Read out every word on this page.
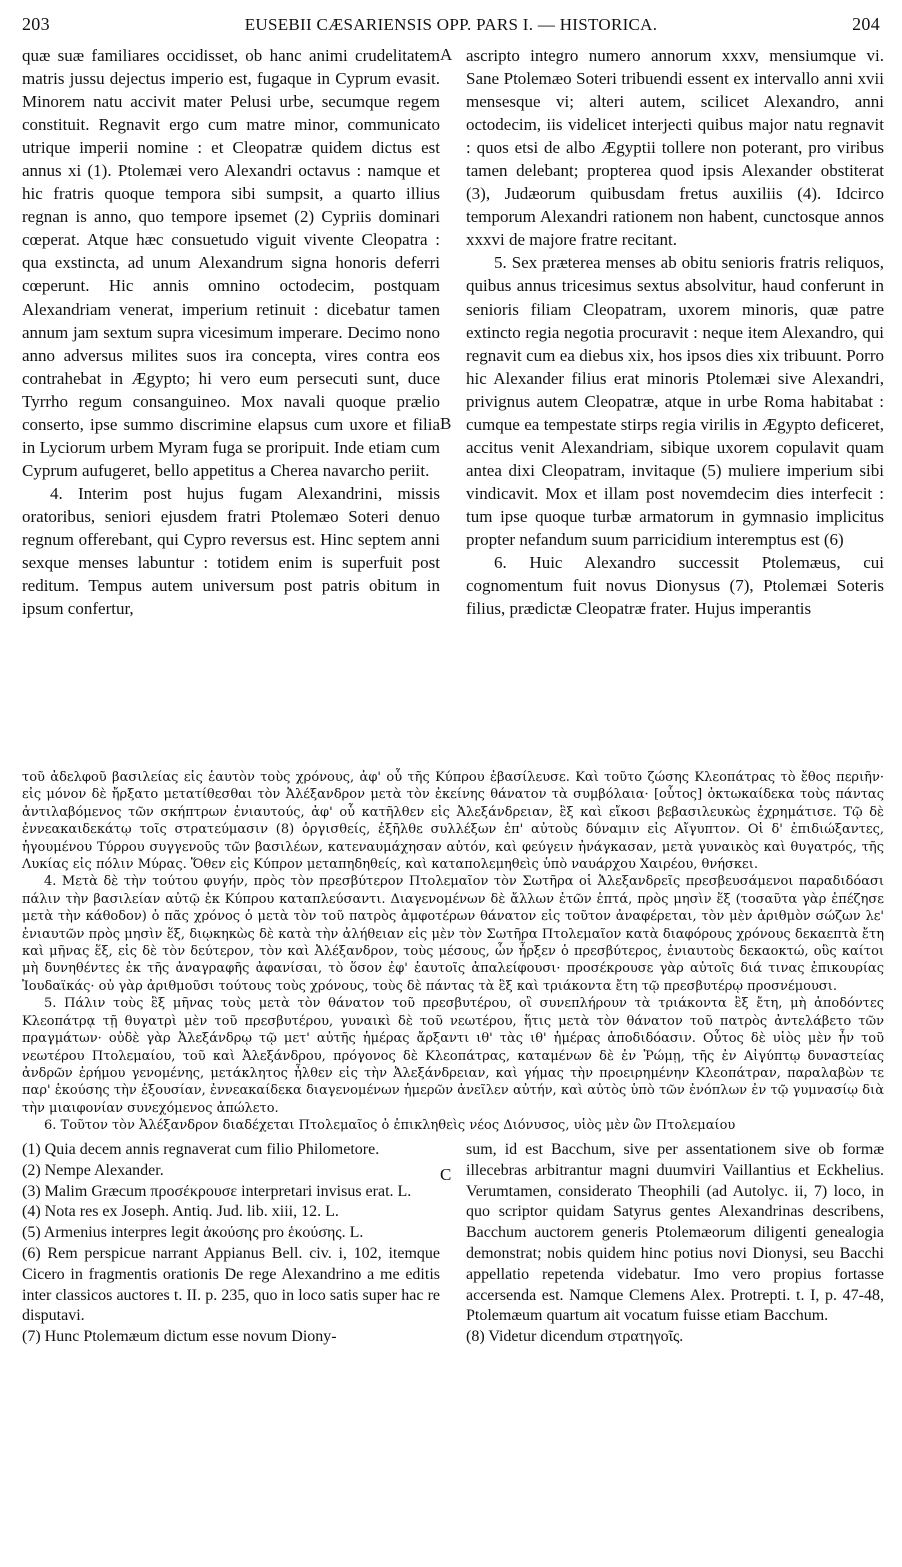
203	EUSEBII CÆSARIENSIS OPP. PARS I. — HISTORICA.	204
A
B
C

quæ suæ familiares occidisset, ob hanc animi crudelitatem matris jussu dejectus imperio est, fugaque in Cyprum evasit. Minorem natu accivit mater Pelusi urbe, secumque regem constituit. Regnavit ergo cum matre minor, communicato utrique imperii nomine : et Cleopatræ quidem dictus est annus xi (1). Ptolemæi vero Alexandri octavus : namque et hic fratris quoque tempora sibi sumpsit, a quarto illius regnan is anno, quo tempore ipsemet (2) Cypriis dominari cœperat. Atque hæc consuetudo viguit vivente Cleopatra : qua exstincta, ad unum Alexandrum signa honoris deferri cœperunt. Hic annis omnino octodecim, postquam Alexandriam venerat, imperium retinuit : dicebatur tamen annum jam sextum supra vicesimum imperare. Decimo nono anno adversus milites suos ira concepta, vires contra eos contrahebat in Ægypto; hi vero eum persecuti sunt, duce Tyrrho regum consanguineo. Mox navali quoque prælio conserto, ipse summo discrimine elapsus cum uxore et filia in Lyciorum urbem Myram fuga se proripuit. Inde etiam cum Cyprum aufugeret, bello appetitus a Cherea navarcho periit.

4. Interim post hujus fugam Alexandrini, missis oratoribus, seniori ejusdem fratri Ptolemæo Soteri denuo regnum offerebant, qui Cypro reversus est. Hinc septem anni sexque menses labuntur : totidem enim is superfuit post reditum. Tempus autem universum post patris obitum in ipsum confertur,

ascripto integro numero annorum xxxv, mensiumque vi. Sane Ptolemæo Soteri tribuendi essent ex intervallo anni xvii mensesque vi; alteri autem, scilicet Alexandro, anni octodecim, iis videlicet interjecti quibus major natu regnavit : quos etsi de albo Ægyptii tollere non poterant, pro viribus tamen delebant; propterea quod ipsis Alexander obstiterat (3), Judæorum quibusdam fretus auxiliis (4). Idcirco temporum Alexandri rationem non habent, cunctosque annos xxxvi de majore fratre recitant.

5. Sex præterea menses ab obitu senioris fratris reliquos, quibus annus tricesimus sextus absolvitur, haud conferunt in senioris filiam Cleopatram, uxorem minoris, quæ patre extincto regia negotia procuravit : neque item Alexandro, qui regnavit cum ea diebus xix, hos ipsos dies xix tribuunt. Porro hic Alexander filius erat minoris Ptolemæi sive Alexandri, privignus autem Cleopatræ, atque in urbe Roma habitabat : cumque ea tempestate stirps regia virilis in Ægypto deficeret, accitus venit Alexandriam, sibique uxorem copulavit quam antea dixi Cleopatram, invitaque (5) muliere imperium sibi vindicavit. Mox et illam post novemdecim dies interfecit : tum ipse quoque turbæ armatorum in gymnasio implicitus propter nefandum suum parricidium interemptus est (6)

6. Huic Alexandro successit Ptolemæus, cui cognomentum fuit novus Dionysus (7), Ptolemæi Soteris filius, prædictæ Cleopatræ frater. Hujus imperantis

τοῦ ἀδελφοῦ βασιλείας εἰς ἑαυτὸν τοὺς χρόνους, ἀφ' οὗ τῆς Κύπρου ἐβασίλευσε. Καὶ τοῦτο ζώσης Κλεοπάτρας τὸ ἔθος περιῆν· εἰς μόνον δὲ ἤρξατο μετατίθεσθαι τὸν Ἀλέξανδρον μετὰ τὸν ἐκείνης θάνατον τὰ συμβόλαια· [οὗτος] ὀκτωκαίδεκα τοὺς πάντας ἀντιλαβόμενος τῶν σκήπτρων ἐνιαυτούς, ἀφ' οὗ κατῆλθεν εἰς Ἀλεξάνδρειαν, ἓξ καὶ εἴκοσι βεβασιλευκὼς ἐχρημάτισε. Τῷ δὲ ἐννεακαιδεκάτῳ τοῖς στρατεύμασιν (8) ὀργισθείς, ἐξῆλθε συλλέξων ἐπ' αὐτοὺς δύναμιν εἰς Αἴγυπτον. Οἱ δ' ἐπιδιώξαντες, ἡγουμένου Τύρρου συγγενοῦς τῶν βασιλέων, κατεναυμάχησαν αὐτόν, καὶ φεύγειν ἠνάγκασαν, μετὰ γυναικὸς καὶ θυγατρός, τῆς Λυκίας εἰς πόλιν Μύρας. Ὅθεν εἰς Κύπρον μεταπηδηθείς, καὶ καταπολεμηθεὶς ὑπὸ ναυάρχου Χαιρέου, θνήσκει.

4. Μετὰ δὲ τὴν τούτου φυγήν, πρὸς τὸν πρεσβύτερον Πτολεμαῖον τὸν Σωτῆρα οἱ Ἀλεξανδρεῖς πρεσβευσάμενοι παραδιδόασι πάλιν τὴν βασιλείαν αὐτῷ ἐκ Κύπρου καταπλεύσαντι. Διαγενομένων δὲ ἄλλων ἐτῶν ἑπτά, πρὸς μησὶν ἕξ (τοσαῦτα γὰρ ἐπέζησε μετὰ τὴν κάθοδον) ὁ πᾶς χρόνος ὁ μετὰ τὸν τοῦ πατρὸς ἀμφοτέρων θάνατον εἰς τοῦτον ἀναφέρεται, τὸν μὲν ἀριθμὸν σώζων λε' ἐνιαυτῶν πρὸς μησὶν ἕξ, διῳκηκὼς δὲ κατὰ τὴν ἀλήθειαν εἰς μὲν τὸν Σωτῆρα Πτολεμαῖον κατὰ διαφόρους χρόνους δεκαεπτὰ ἔτη καὶ μῆνας ἕξ, εἰς δὲ τὸν δεύτερον, τὸν καὶ Ἀλέξανδρον, τοὺς μέσους, ὧν ἦρξεν ὁ πρεσβύτερος, ἐνιαυτοὺς δεκαοκτώ, οὓς καίτοι μὴ δυνηθέντες ἐκ τῆς ἀναγραφῆς ἀφανίσαι, τὸ ὅσον ἐφ' ἑαυτοῖς ἀπαλείφουσι· προσέκρουσε γὰρ αὐτοῖς διά τινας ἐπικουρίας Ἰουδαϊκάς· οὐ γὰρ ἀριθμοῦσι τούτους τοὺς χρόνους, τοὺς δὲ πάντας τὰ ἓξ καὶ τριάκοντα ἔτη τῷ πρεσβυτέρῳ προσνέμουσι.

5. Πάλιν τοὺς ἓξ μῆνας τοὺς μετὰ τὸν θάνατον τοῦ πρεσβυτέρου, οἳ συνεπλήρουν τὰ τριάκοντα ἓξ ἔτη, μὴ ἀποδόντες Κλεοπάτρᾳ τῇ θυγατρὶ μὲν τοῦ πρεσβυτέρου, γυναικὶ δὲ τοῦ νεωτέρου, ἥτις μετὰ τὸν θάνατον τοῦ πατρὸς ἀντελάβετο τῶν πραγμάτων· οὐδὲ γὰρ Ἀλεξάνδρῳ τῷ μετ' αὐτῆς ἡμέρας ἄρξαντι ιθ' τὰς ιθ' ἡμέρας ἀποδιδόασιν. Οὗτος δὲ υἱὸς μὲν ἦν τοῦ νεωτέρου Πτολεμαίου, τοῦ καὶ Ἀλεξάνδρου, πρόγονος δὲ Κλεοπάτρας, καταμένων δὲ ἐν Ῥώμῃ, τῆς ἐν Αἰγύπτῳ δυναστείας ἀνδρῶν ἐρήμου γενομένης, μετάκλητος ἦλθεν εἰς τὴν Ἀλεξάνδρειαν, καὶ γήμας τὴν προειρημένην Κλεοπάτραν, παραλαβὼν τε παρ' ἑκούσης τὴν ἐξουσίαν, ἐννεακαίδεκα διαγενομένων ἡμερῶν ἀνεῖλεν αὐτήν, καὶ αὐτὸς ὑπὸ τῶν ἐνόπλων ἐν τῷ γυμνασίῳ διὰ τὴν μιαιφονίαν συνεχόμενος ἀπώλετο.

6. Τοῦτον τὸν Ἀλέξανδρον διαδέχεται Πτολεμαῖος ὁ ἐπικληθεὶς νέος Διόνυσος, υἱὸς μὲν ὢν Πτολεμαίου

(1) Quia decem annis regnaverat cum filio Philometore.

(2) Nempe Alexander.

(3) Malim Græcum προσέκρουσε interpretari invisus erat. L.

(4) Nota res ex Joseph. Antiq. Jud. lib. xiii, 12. L.

(5) Armenius interpres legit ἀκούσης pro ἑκούσης. L.

(6) Rem perspicue narrant Appianus Bell. civ. i, 102, itemque Cicero in fragmentis orationis De rege Alexandrino a me editis inter classicos auctores t. II. p. 235, quo in loco satis super hac re disputavi.

(7) Hunc Ptolemæum dictum esse novum Diony-

sum, id est Bacchum, sive per assentationem sive ob formæ illecebras arbitrantur magni duumviri Vaillantius et Eckhelius. Verumtamen, considerato Theophili (ad Autolyc. ii, 7) loco, in quo scriptor quidam Satyrus gentes Alexandrinas describens, Bacchum auctorem generis Ptolemæorum diligenti genealogia demonstrat; nobis quidem hinc potius novi Dionysi, seu Bacchi appellatio repetenda videbatur. Imo vero propius fortasse accersenda est. Namque Clemens Alex. Protrepti. t. I, p. 47-48, Ptolemæum quartum ait vocatum fuisse etiam Bacchum.

(8) Videtur dicendum στρατηγοῖς.
